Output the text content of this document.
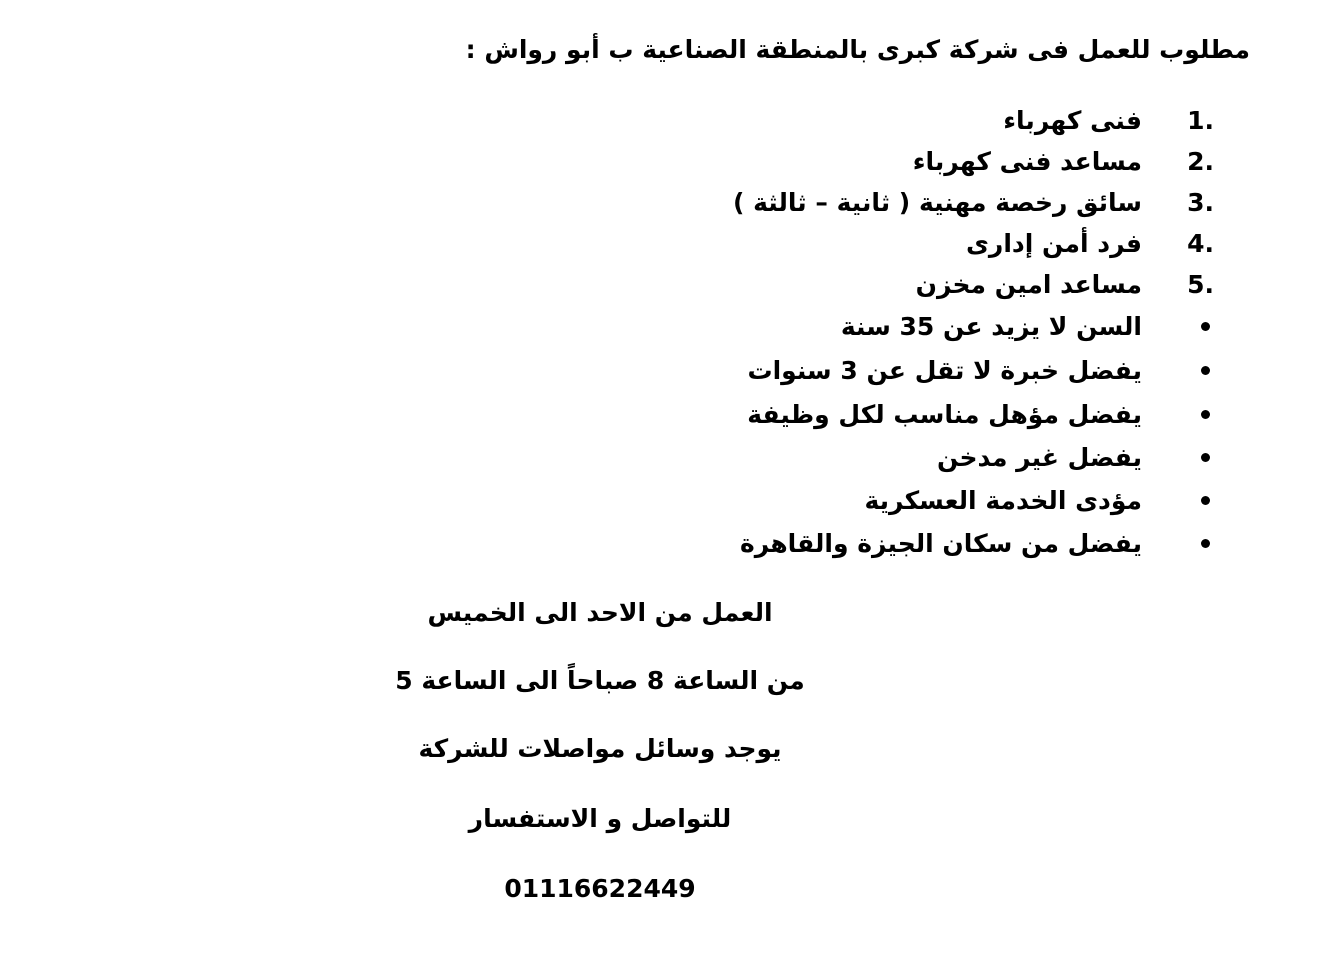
مطلوب للعمل فى شركة كبرى بالمنطقة الصناعية ب أبو رواش :
1.
فنى كهرباء
2.
مساعد فنى كهرباء
3.
سائق رخصة مهنية ( ثانية – ثالثة )
4.
فرد أمن إدارى
5.
مساعد امين مخزن
السن لا يزيد عن 35 سنة
يفضل خبرة لا تقل عن 3 سنوات
يفضل مؤهل مناسب لكل وظيفة
يفضل غير مدخن
مؤدى الخدمة العسكرية
يفضل من سكان الجيزة والقاهرة
العمل من الاحد الى الخميس
من الساعة 8 صباحاً الى الساعة 5
يوجد وسائل مواصلات للشركة
للتواصل و الاستفسار
01116622449
